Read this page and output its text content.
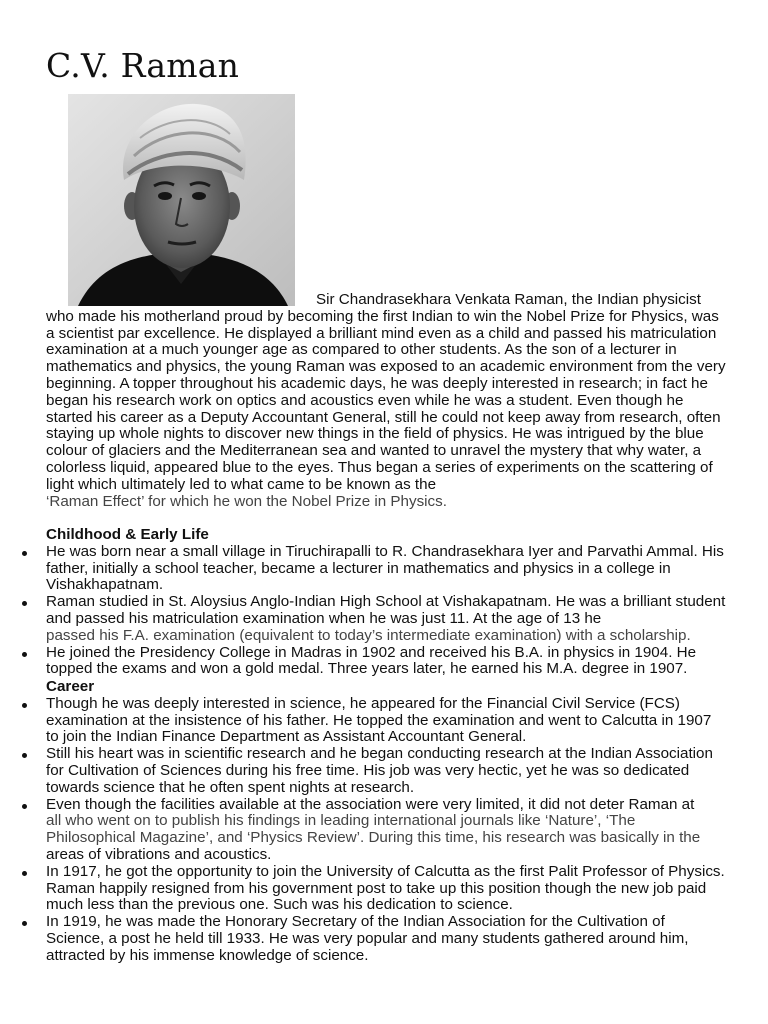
C.V. Raman

Sir Chandrasekhara Venkata Raman, the Indian physicist who made his motherland proud by becoming the first Indian to win the Nobel Prize for Physics, was a scientist par excellence. He displayed a brilliant mind even as a child and passed his matriculation examination at a much younger age as compared to other students. As the son of a lecturer in mathematics and physics, the young Raman was exposed to an academic environment from the very beginning. A topper throughout his academic days, he was deeply interested in research; in fact he began his research work on optics and acoustics even while he was a student. Even though he started his career as a Deputy Accountant General, still he could not keep away from research, often staying up whole nights to discover new things in the field of physics. He was intrigued by the blue colour of glaciers and the Mediterranean sea and wanted to unravel the mystery that why water, a colorless liquid, appeared blue to the eyes. Thus began a series of experiments on the scattering of light which ultimately led to what came to be known as the
‘Raman Effect’ for which he won the Nobel Prize in Physics.

Childhood & Early Life
He was born near a small village in Tiruchirapalli to R. Chandrasekhara Iyer and Parvathi Ammal. His father, initially a school teacher, became a lecturer in mathematics and physics in a college in Vishakhapatnam.
Raman studied in St. Aloysius Anglo-Indian High School at Vishakapatnam. He was a brilliant student and passed his matriculation examination when he was just 11. At the age of 13 he
passed his F.A. examination (equivalent to today’s intermediate examination) with a scholarship.
He joined the Presidency College in Madras in 1902 and received his B.A. in physics in 1904. He topped the exams and won a gold medal. Three years later, he earned his M.A. degree in 1907.
Career
Though he was deeply interested in science, he appeared for the Financial Civil Service (FCS) examination at the insistence of his father. He topped the examination and went to Calcutta in 1907 to join the Indian Finance Department as Assistant Accountant General.
Still his heart was in scientific research and he began conducting research at the Indian Association for Cultivation of Sciences during his free time. His job was very hectic, yet he was so dedicated towards science that he often spent nights at research.
Even though the facilities available at the association were very limited, it did not deter Raman at
all who went on to publish his findings in leading international journals like ‘Nature’, ‘The Philosophical Magazine’, and ‘Physics Review’. During this time, his research was basically in the
areas of vibrations and acoustics.
In 1917, he got the opportunity to join the University of Calcutta as the first Palit Professor of Physics. Raman happily resigned from his government post to take up this position though the new job paid much less than the previous one. Such was his dedication to science.
In 1919, he was made the Honorary Secretary of the Indian Association for the Cultivation of Science, a post he held till 1933. He was very popular and many students gathered around him, attracted by his immense knowledge of science.
